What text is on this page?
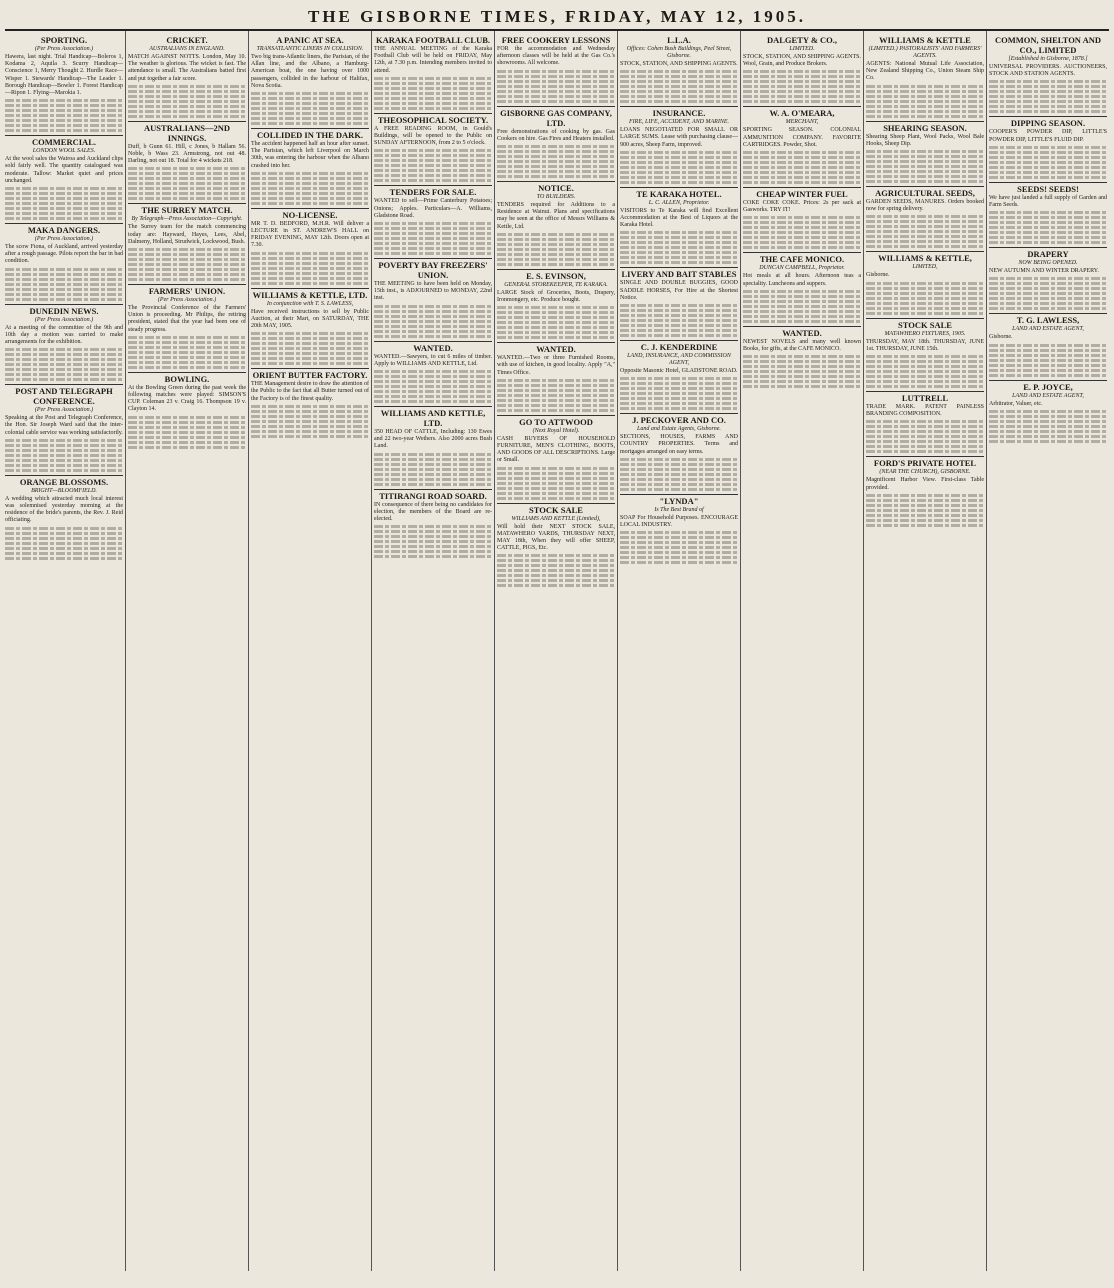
THE GISBORNE TIMES, FRIDAY, MAY 12, 1905.
SPORTING.
(Per Press Association.)

Hawera, last night. Trial Handicap—Boleros 1, Kodama 2, Aquila 3. Scurry Handicap—Conscience 1, Merry Thought 2. Hurdle Race—Wisper 1. Stewards' Handicap—The Leader 1. Borough Handicap—Bowler 1. Forest Handicap—Ripon 1. Flying—Marokia 1.

COMMERCIAL.
LONDON WOOL SALES.

At the wool sales the Wairoa and Auckland clips sold fairly well. The quantity catalogued was moderate. Tallow: Market quiet and prices unchanged.

MAKA DANGERS.
(Per Press Association.)

The scow Fiona, of Auckland, arrived yesterday after a rough passage. Pilots report the bar in bad condition.

DUNEDIN NEWS.
(Per Press Association.)

At a meeting of the committee of the 9th and 10th day a motion was carried to make arrangements for the exhibition.

POST AND TELEGRAPH CONFERENCE.
(Per Press Association.)

Speaking at the Post and Telegraph Conference, the Hon. Sir Joseph Ward said that the inter-colonial cable service was working satisfactorily.

ORANGE BLOSSOMS.
BRIGHT—BLOOMFIELD.

A wedding which attracted much local interest was solemnised yesterday morning at the residence of the bride's parents, the Rev. J. Reid officiating.

CRICKET.
AUSTRALIANS IN ENGLAND.

MATCH AGAINST NOTTS. London, May 10. The weather is glorious. The wicket is fast. The attendance is small. The Australians batted first and put together a fair score.

AUSTRALIANS—2ND INNINGS.

Duff, b Gunn 61. Hill, c Jones, b Hallam 56. Noble, b Wass 23. Armstrong, not out 48. Darling, not out 18. Total for 4 wickets 218.

THE SURREY MATCH.
By Telegraph—Press Association—Copyright.

The Surrey team for the match commencing today are: Hayward, Hayes, Lees, Abel, Dalmeny, Holland, Strudwick, Lockwood, Bush.

FARMERS' UNION.
(Per Press Association.)

The Provincial Conference of the Farmers' Union is proceeding. Mr Philips, the retiring president, stated that the year had been one of steady progress.

BOWLING.

At the Bowling Green during the past week the following matches were played: SIMSON'S CUP. Coleman 23 v. Craig 16. Thompson 19 v. Clayton 14.

A PANIC AT SEA.
TRANSATLANTIC LINERS IN COLLISION.

Two big trans-Atlantic liners, the Parisian, of the Allan line, and the Albano, a Hamburg-American boat, the one having over 1000 passengers, collided in the harbour of Halifax, Nova Scotia.

COLLIDED IN THE DARK.

The accident happened half an hour after sunset. The Parisian, which left Liverpool on March 30th, was entering the harbour when the Albano crashed into her.

NO-LICENSE.

MR T. D. BEDFORD, M.H.R. Will deliver a LECTURE in ST. ANDREW'S HALL on FRIDAY EVENING, MAY 12th. Doors open at 7.30.

WILLIAMS & KETTLE, LTD.
In conjunction with T. S. LAWLESS,

Have received instructions to sell by Public Auction, at their Mart, on SATURDAY, THE 20th MAY, 1905.

ORIENT BUTTER FACTORY.

THE Management desire to draw the attention of the Public to the fact that all Butter turned out of the Factory is of the finest quality.

KARAKA FOOTBALL CLUB.

THE ANNUAL MEETING of the Karaka Football Club will be held on FRIDAY, May 12th, at 7.30 p.m. Intending members invited to attend.

THEOSOPHICAL SOCIETY.

A FREE READING ROOM, in Gould's Buildings, will be opened to the Public on SUNDAY AFTERNOON, from 2 to 5 o'clock.

TENDERS FOR SALE.

WANTED to sell—Prime Canterbury Potatoes; Onions; Apples. Particulars—A. Williams, Gladstone Road.

POVERTY BAY FREEZERS' UNION.

THE MEETING to have been held on Monday, 15th inst., is ADJOURNED to MONDAY, 22nd inst.

WANTED.

WANTED.—Sawyers, to cut 6 miles of timber. Apply to WILLIAMS AND KETTLE, Ltd.

WILLIAMS AND KETTLE, LTD.

350 HEAD OF CATTLE, Including: 130 Ewes and 22 two-year Wethers. Also 2000 acres Bush Land.

TITIRANGI ROAD SOARD.

IN consequence of there being no candidates for election, the members of the Board are re-elected.

FREE COOKERY LESSONS

FOR the accommodation and Wednesday afternoon classes will be held at the Gas Co.'s showrooms. All welcome.

GISBORNE GAS COMPANY, LTD.

Free demonstrations of cooking by gas. Gas Cookers on hire. Gas Fires and Heaters installed.

NOTICE.
TO BUILDERS.

TENDERS required for Additions to a Residence at Wainui. Plans and specifications may be seen at the office of Messrs Williams & Kettle, Ltd.

E. S. EVINSON,
GENERAL STOREKEEPER, TE KARAKA.

LARGE Stock of Groceries, Boots, Drapery, Ironmongery, etc. Produce bought.

WANTED.

WANTED.—Two or three Furnished Rooms, with use of kitchen, in good locality. Apply "A," Times Office.

GO TO ATTWOOD
(Next Royal Hotel).

CASH BUYERS OF HOUSEHOLD FURNITURE, MEN'S CLOTHING, BOOTS, AND GOODS OF ALL DESCRIPTIONS. Large or Small.

STOCK SALE
WILLIAMS AND KETTLE (Limited),

Will hold their NEXT STOCK SALE, MATAWHERO YARDS, THURSDAY NEXT, MAY 18th, When they will offer SHEEP, CATTLE, PIGS, Etc.

L.L.A.
Offices: Cohen Bush Buildings, Peel Street, Gisborne.

STOCK, STATION, AND SHIPPING AGENTS.

INSURANCE.
FIRE, LIFE, ACCIDENT, AND MARINE.

LOANS NEGOTIATED FOR SMALL OR LARGE SUMS. Lease with purchasing clause—900 acres, Sheep Farm, improved.

TE KARAKA HOTEL.
L. C. ALLEN, Proprietor.

VISITORS to Te Karaka will find Excellent Accommodation at the Best of Liquors at the Karaka Hotel.

LIVERY AND BAIT STABLES

SINGLE AND DOUBLE BUGGIES, GOOD SADDLE HORSES, For Hire at the Shortest Notice.

C. J. KENDERDINE
LAND, INSURANCE, AND COMMISSION AGENT,

Opposite Masonic Hotel, GLADSTONE ROAD.

J. PECKOVER AND CO.
Land and Estate Agents, Gisborne.

SECTIONS, HOUSES, FARMS AND COUNTRY PROPERTIES. Terms and mortgages arranged on easy terms.

"LYNDA"
Is The Best Brand of

SOAP For Household Purposes. ENCOURAGE LOCAL INDUSTRY.

DALGETY & CO.,
LIMITED.

STOCK, STATION, AND SHIPPING AGENTS. Wool, Grain, and Produce Brokers.

W. A. O'MEARA,
MERCHANT,

SPORTING SEASON. COLONIAL AMMUNITION COMPANY. FAVORITE CARTRIDGES. Powder, Shot.

CHEAP WINTER FUEL

COKE COKE COKE. Prices: 2s per sack at Gasworks. TRY IT!

THE CAFE MONICO.
DUNCAN CAMPBELL, Proprietor.

Hot meals at all hours. Afternoon teas a speciality. Luncheons and suppers.

WANTED.

NEWEST NOVELS and many well known Books, for gifts, at the CAFE MONICO.

WILLIAMS & KETTLE
(LIMITED.) PASTORALISTS' AND FARMERS' AGENTS.

AGENTS: National Mutual Life Association, New Zealand Shipping Co., Union Steam Ship Co.

SHEARING SEASON.

Shearing Sheep Plant, Wool Packs, Wool Bale Hooks, Sheep Dip.

AGRICULTURAL SEEDS,

GARDEN SEEDS, MANURES. Orders booked now for spring delivery.

WILLIAMS & KETTLE,
LIMITED,

Gisborne.

STOCK SALE
MATAWHERO FIXTURES, 1905.

THURSDAY, MAY 18th. THURSDAY, JUNE 1st. THURSDAY, JUNE 15th.

LUTTRELL

TRADE MARK. PATENT PAINLESS BRANDING COMPOSITION.

FORD'S PRIVATE HOTEL
(NEAR THE CHURCH), GISBORNE.

Magnificent Harbor View. First-class Table provided.

COMMON, SHELTON AND CO., LIMITED
[Established in Gisborne, 1878.]

UNIVERSAL PROVIDERS. AUCTIONEERS, STOCK AND STATION AGENTS.

DIPPING SEASON.

COOPER'S POWDER DIP, LITTLE'S POWDER DIP, LITTLE'S FLUID DIP.

SEEDS! SEEDS!

We have just landed a full supply of Garden and Farm Seeds.

DRAPERY
NOW BEING OPENED.

NEW AUTUMN AND WINTER DRAPERY.

T. G. LAWLESS,
LAND AND ESTATE AGENT,

Gisborne.

E. P. JOYCE,
LAND AND ESTATE AGENT,

Arbitrator, Valuer, etc.
